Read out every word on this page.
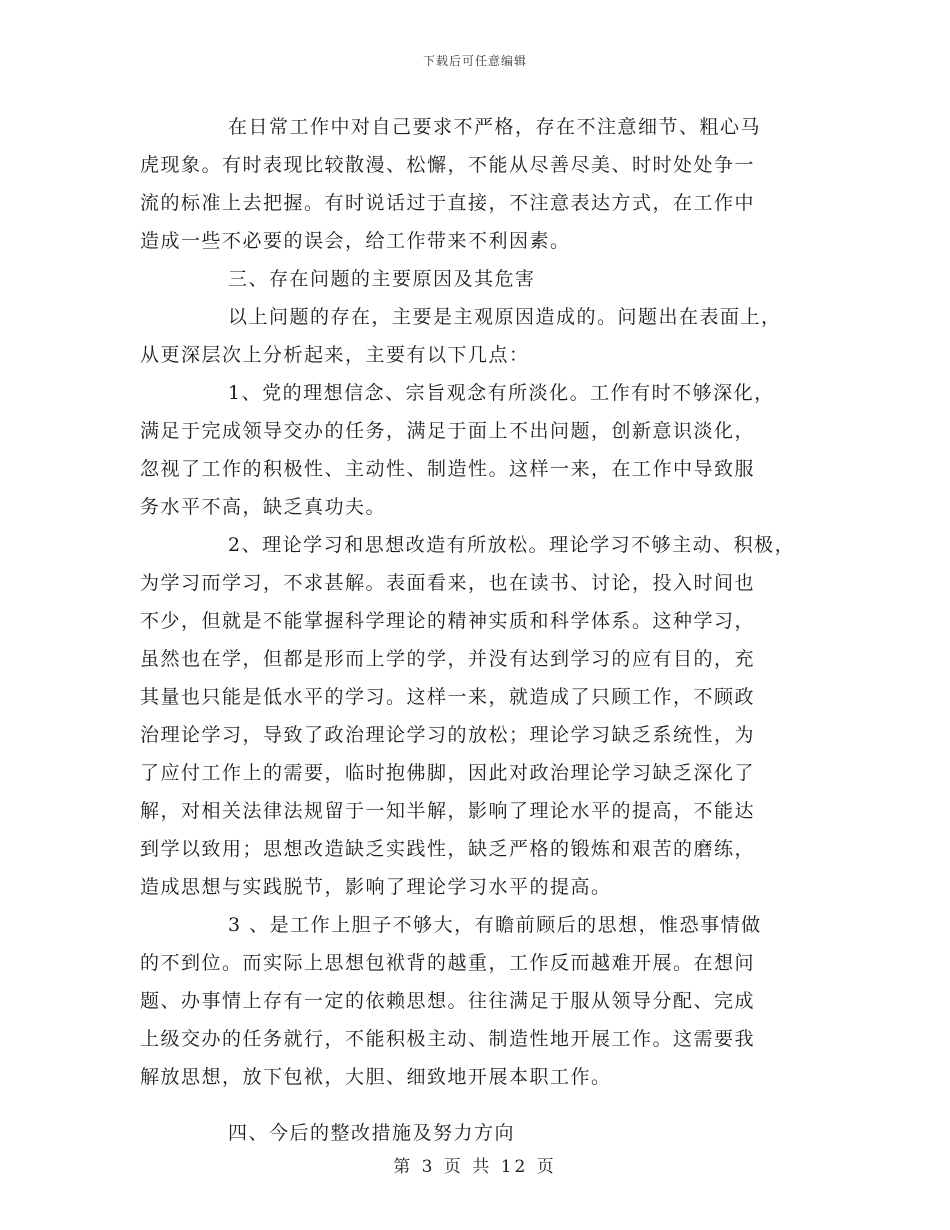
下载后可任意编辑
在日常工作中对自己要求不严格，存在不注意细节、粗心马
虎现象。有时表现比较散漫、松懈，不能从尽善尽美、时时处处争一
流的标准上去把握。有时说话过于直接，不注意表达方式，在工作中
造成一些不必要的误会，给工作带来不利因素。
三、存在问题的主要原因及其危害
以上问题的存在，主要是主观原因造成的。问题出在表面上，
从更深层次上分析起来，主要有以下几点：
1、党的理想信念、宗旨观念有所淡化。工作有时不够深化，
满足于完成领导交办的任务，满足于面上不出问题，创新意识淡化，
忽视了工作的积极性、主动性、制造性。这样一来，在工作中导致服
务水平不高，缺乏真功夫。
2、理论学习和思想改造有所放松。理论学习不够主动、积极，
为学习而学习，不求甚解。表面看来，也在读书、讨论，投入时间也
不少，但就是不能掌握科学理论的精神实质和科学体系。这种学习，
虽然也在学，但都是形而上学的学，并没有达到学习的应有目的，充
其量也只能是低水平的学习。这样一来，就造成了只顾工作，不顾政
治理论学习，导致了政治理论学习的放松；理论学习缺乏系统性，为
了应付工作上的需要，临时抱佛脚，因此对政治理论学习缺乏深化了
解，对相关法律法规留于一知半解，影响了理论水平的提高，不能达
到学以致用；思想改造缺乏实践性，缺乏严格的锻炼和艰苦的磨练，
造成思想与实践脱节，影响了理论学习水平的提高。
3 、是工作上胆子不够大，有瞻前顾后的思想，惟恐事情做
的不到位。而实际上思想包袱背的越重，工作反而越难开展。在想问
题、办事情上存有一定的依赖思想。往往满足于服从领导分配、完成
上级交办的任务就行，不能积极主动、制造性地开展工作。这需要我
解放思想，放下包袱，大胆、细致地开展本职工作。
四、今后的整改措施及努力方向
第 3 页 共 12 页
